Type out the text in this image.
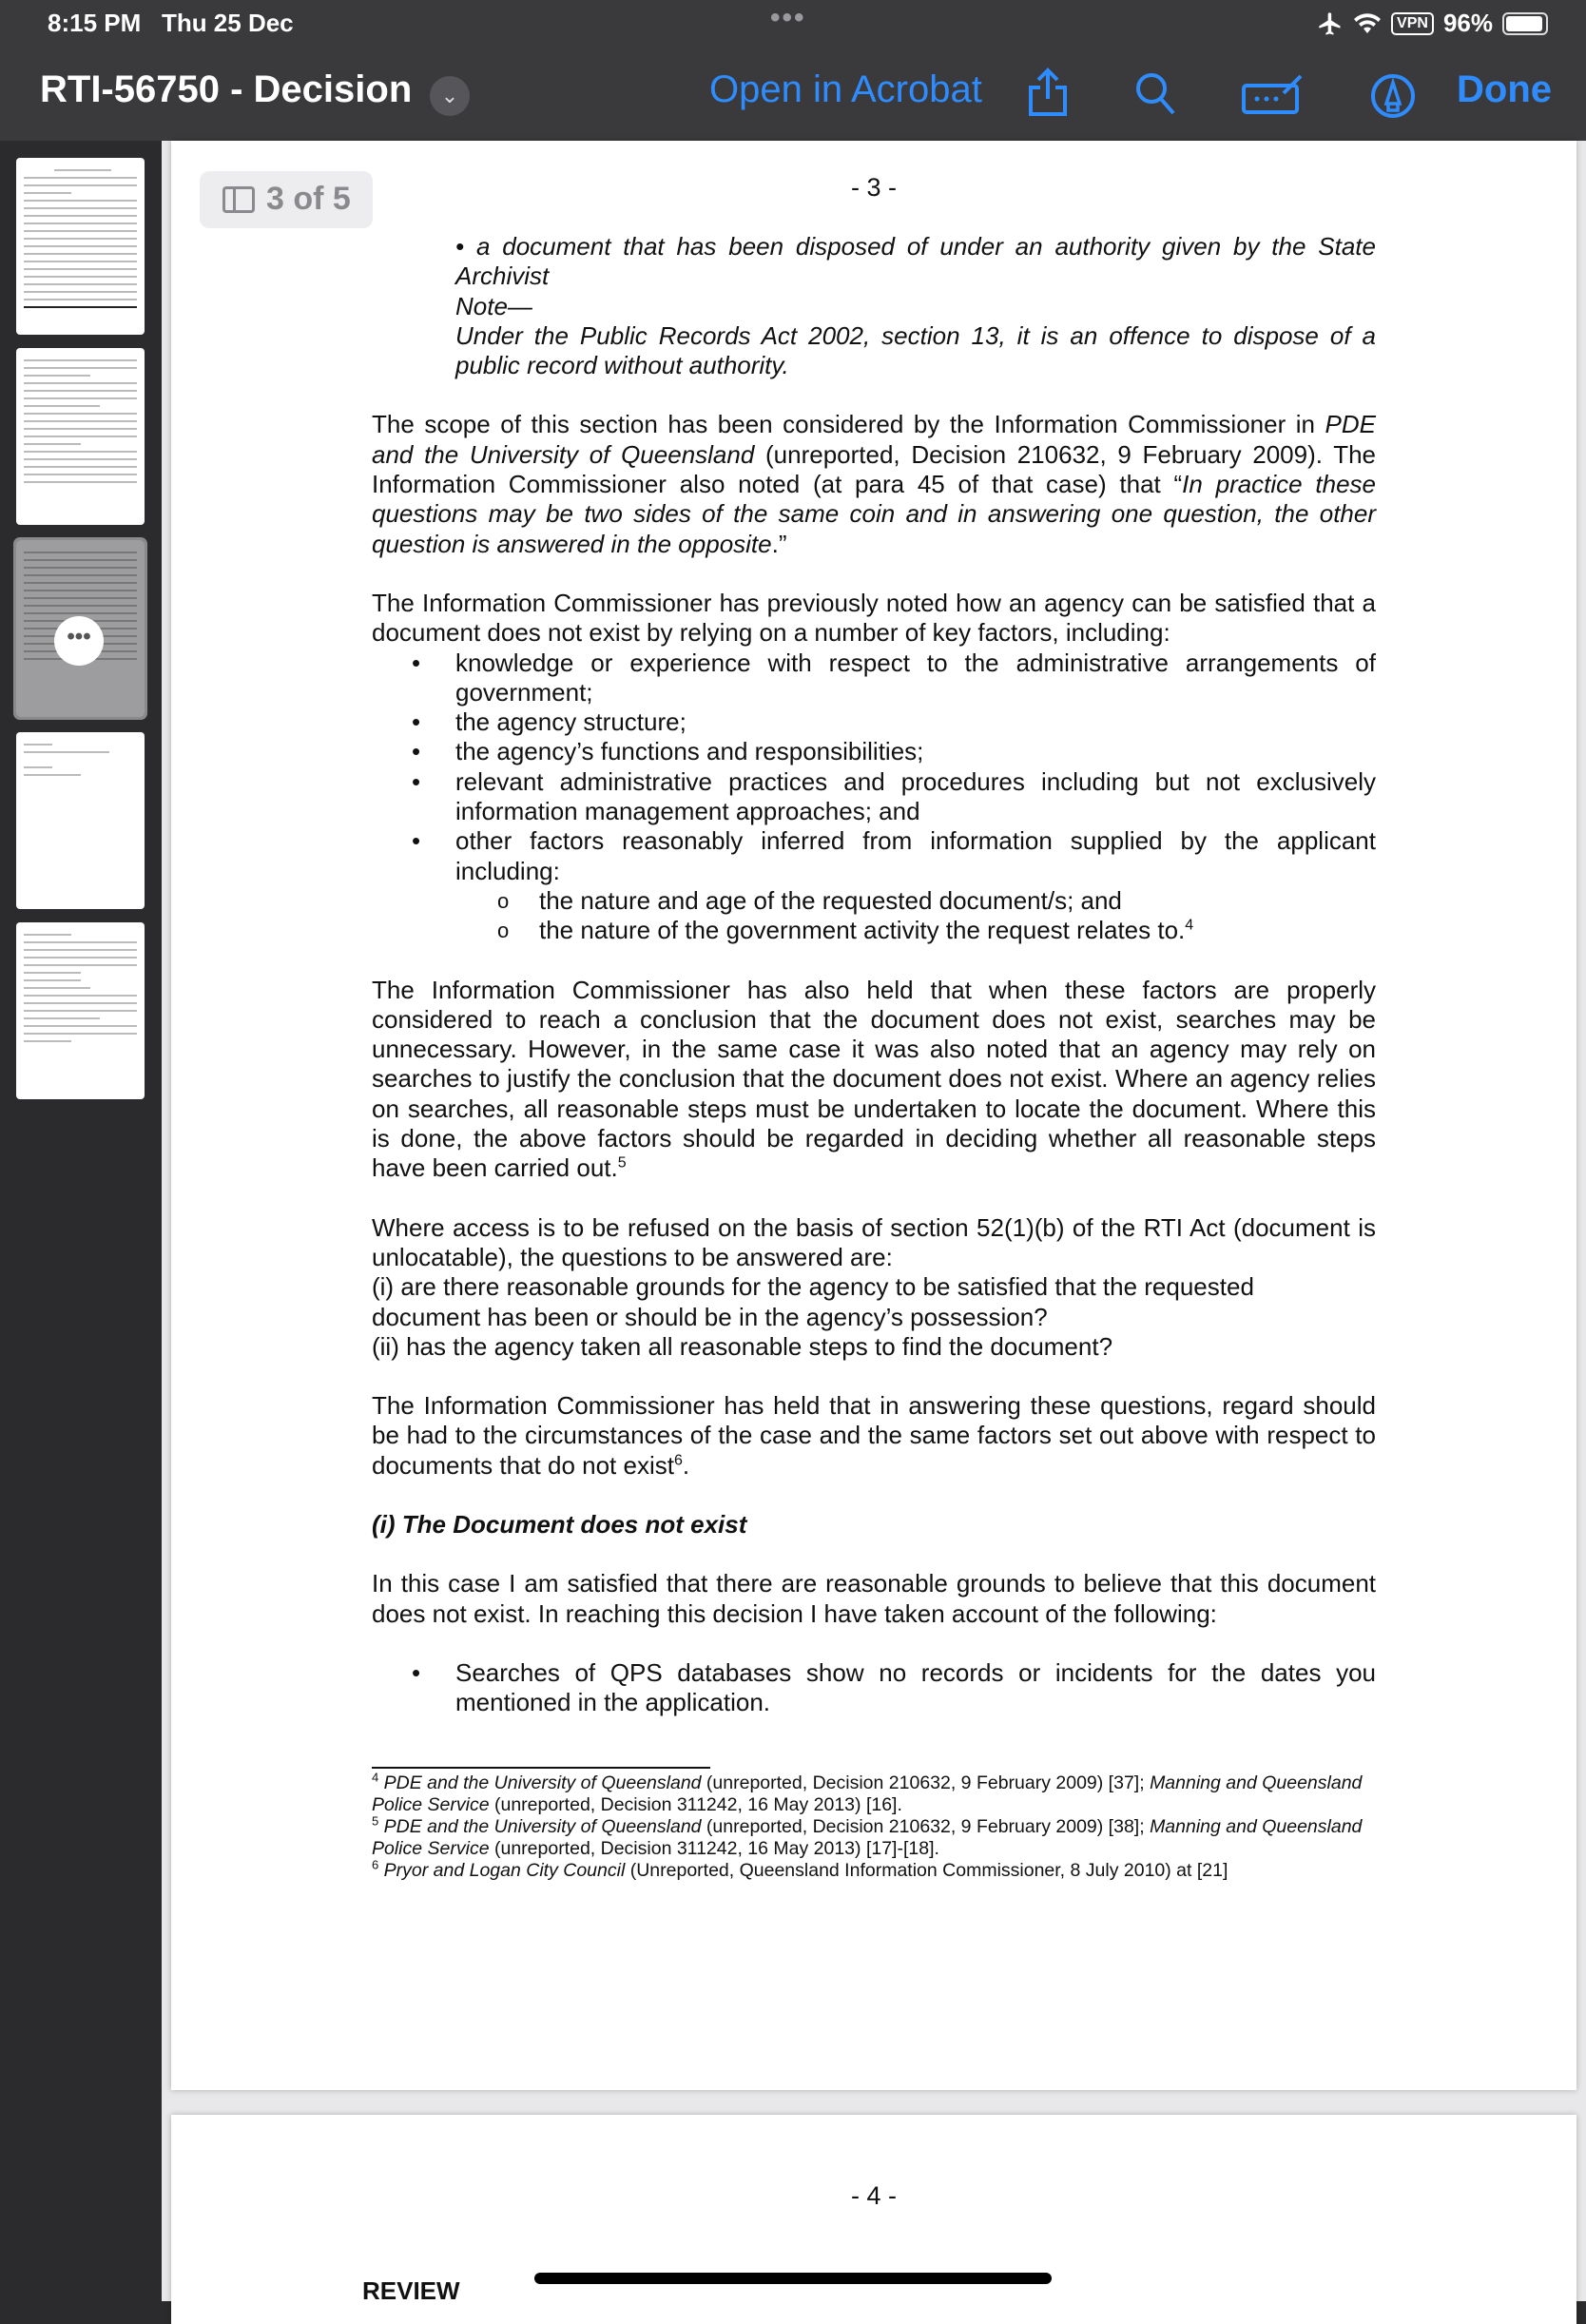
8:15 PM Thu 25 Dec	•••	VPN 96%
RTI-56750 - Decision	⌄	Open in Acrobat	Done
•••
3 of 5	- 3 -
• a document that has been disposed of under an authority given by the State Archivist
Note—
Under the Public Records Act 2002, section 13, it is an offence to dispose of a public record without authority.
The scope of this section has been considered by the Information Commissioner in PDE and the University of Queensland (unreported, Decision 210632, 9 February 2009). The Information Commissioner also noted (at para 45 of that case) that “In practice these questions may be two sides of the same coin and in answering one question, the other question is answered in the opposite.”
The Information Commissioner has previously noted how an agency can be satisfied that a document does not exist by relying on a number of key factors, including:
• knowledge or experience with respect to the administrative arrangements of government;
• the agency structure;
• the agency’s functions and responsibilities;
• relevant administrative practices and procedures including but not exclusively information management approaches; and
• other factors reasonably inferred from information supplied by the applicant including:
o the nature and age of the requested document/s; and
o the nature of the government activity the request relates to.$^4$
The Information Commissioner has also held that when these factors are properly considered to reach a conclusion that the document does not exist, searches may be unnecessary. However, in the same case it was also noted that an agency may rely on searches to justify the conclusion that the document does not exist. Where an agency relies on searches, all reasonable steps must be undertaken to locate the document. Where this is done, the above factors should be regarded in deciding whether all reasonable steps have been carried out.$^5$
Where access is to be refused on the basis of section 52(1)(b) of the RTI Act (document is unlocatable), the questions to be answered are:
(i) are there reasonable grounds for the agency to be satisfied that the requested document has been or should be in the agency’s possession?
(ii) has the agency taken all reasonable steps to find the document?
The Information Commissioner has held that in answering these questions, regard should be had to the circumstances of the case and the same factors set out above with respect to documents that do not exist$^6$.
(i) The Document does not exist
In this case I am satisfied that there are reasonable grounds to believe that this document does not exist. In reaching this decision I have taken account of the following:
• Searches of QPS databases show no records or incidents for the dates you mentioned in the application.
$^4$ PDE and the University of Queensland (unreported, Decision 210632, 9 February 2009) [37]; Manning and Queensland Police Service (unreported, Decision 311242, 16 May 2013) [16].
$^5$ PDE and the University of Queensland (unreported, Decision 210632, 9 February 2009) [38]; Manning and Queensland Police Service (unreported, Decision 311242, 16 May 2013) [17]-[18].
$^6$ Pryor and Logan City Council (Unreported, Queensland Information Commissioner, 8 July 2010) at [21]
- 4 -
REVIEW
